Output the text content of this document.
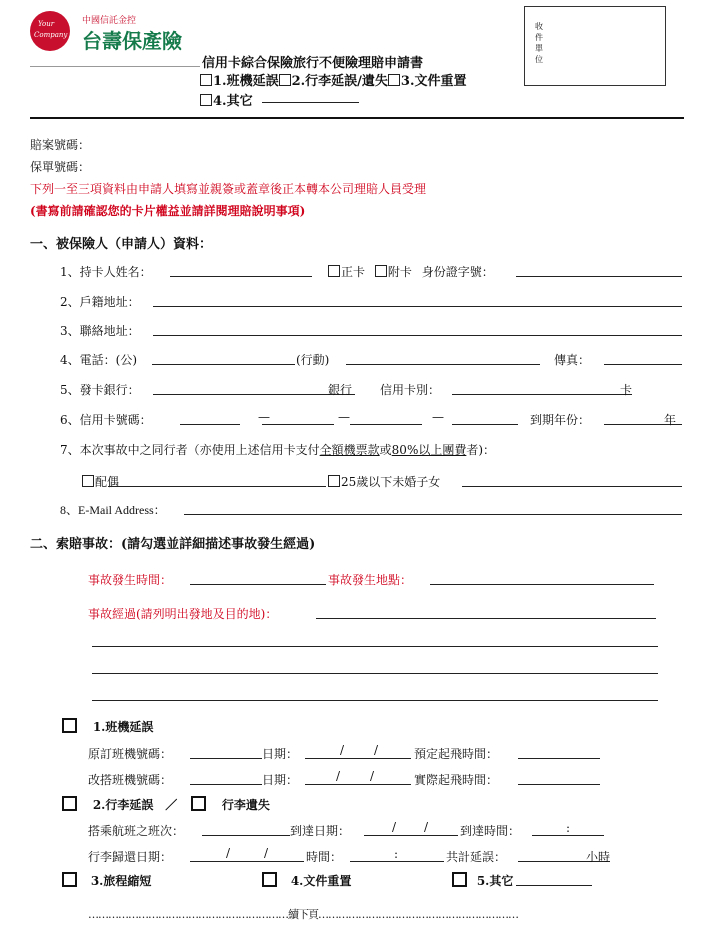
Your
Company
中國信託金控
台壽保產險
信用卡綜合保險旅行不便險理賠申請書
1.班機延誤 2.行李延誤/遺失 3.文件重置
4.其它
收
件
單
位
賠案號碼：
保單號碼：
下列一至三項資料由申請人填寫並親簽或蓋章後正本轉本公司理賠人員受理
(書寫前請確認您的卡片權益並請詳閱理賠說明事項)
一、被保險人（申請人）資料：
1、持卡人姓名：	正卡 附卡 身份證字號：
2、戶籍地址：
3、聯絡地址：
4、電話：(公)	(行動)	傳真：
5、發卡銀行：	銀行 信用卡別：	卡
6、信用卡號碼：	—	—	—	到期年份：	年
7、本次事故中之同行者（亦使用上述信用卡支付全額機票款或80%以上團費者)：
配偶	25歲以下未婚子女
8、E-Mail Address：
二、索賠事故：(請勾選並詳細描述事故發生經過)
事故發生時間：	事故發生地點：
事故經過(請列明出發地及目的地)：
1.班機延誤
原訂班機號碼：	日期：	/ /	預定起飛時間：
改搭班機號碼：	日期：	/ /	實際起飛時間：
2.行李延誤 ／	行李遺失
搭乘航班之班次：	到達日期：	/ /	到達時間：	:
行李歸還日期：	/	/	時間：	:	共計延誤：	小時
3.旅程縮短	4.文件重置	5.其它
……………………………………………………續下頁……………………………………………………
